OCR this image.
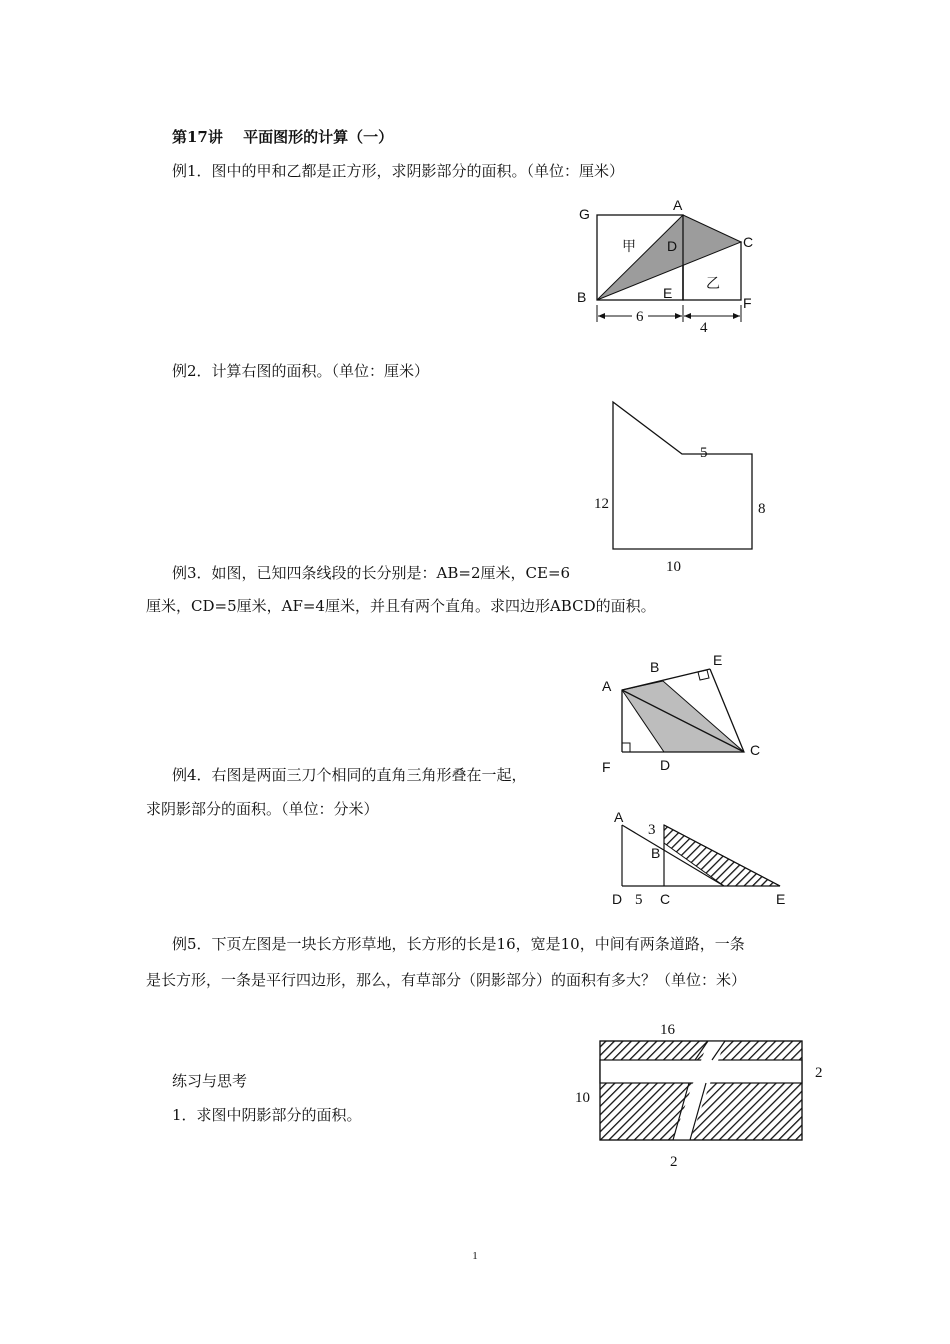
第17讲　 平面图形的计算（一）
例1．图中的甲和乙都是正方形，求阴影部分的面积。（单位：厘米）
G
A
D	C
B	E
F
甲
乙
6
4
例2．计算右图的面积。（单位：厘米）
5
12	8
10
例3．如图，已知四条线段的长分别是：AB=2厘米，CE=6
厘米，CD=5厘米，AF=4厘米，并且有两个直角。求四边形ABCD的面积。
A
B	E
F	D
C
例4．右图是两面三刀个相同的直角三角形叠在一起，
求阴影部分的面积。（单位：分米）	A
3
B
D 5 C	E
例5．下页左图是一块长方形草地，长方形的长是16，宽是10，中间有两条道路，一条
是长方形，一条是平行四边形，那么，有草部分（阴影部分）的面积有多大？（单位：米）
练习与思考
1．求图中阴影部分的面积。
16
10
2
2
1
